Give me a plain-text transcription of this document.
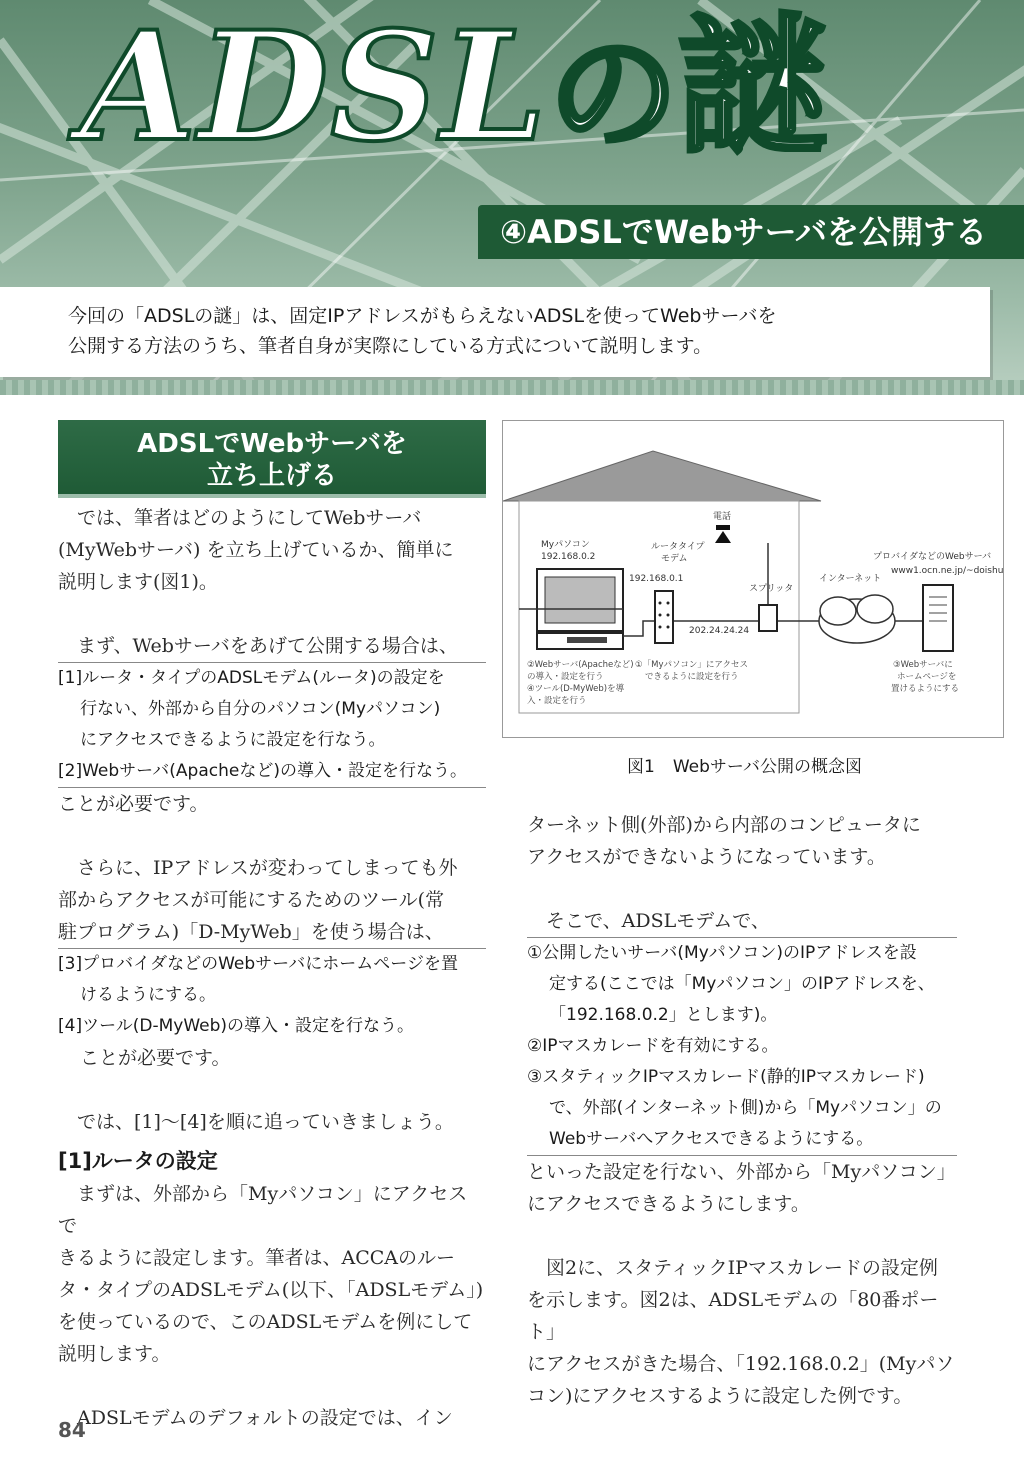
ADSLの謎
④ADSLでWebサーバを公開する

今回の「ADSLの謎」は、固定IPアドレスがもらえないADSLを使ってWebサーバを

公開する方法のうち、筆者自身が実際にしている方式について説明します。

ADSLでWebサーバを
立ち上げる

では、筆者はどのようにしてWebサーバ

(MyWebサーバ) を立ち上げているか、簡単に

説明します(図1)。

まず、Webサーバをあげて公開する場合は、

[1]ルータ・タイプのADSLモデム(ルータ)の設定を

行ない、外部から自分のパソコン(Myパソコン)

にアクセスできるように設定を行なう。

[2]Webサーバ(Apacheなど)の導入・設定を行なう。

ことが必要です。

さらに、IPアドレスが変わってしまっても外

部からアクセスが可能にするためのツール(常

駐プログラム)「D-MyWeb」を使う場合は、

[3]プロバイダなどのWebサーバにホームページを置

けるようにする。

[4]ツール(D-MyWeb)の導入・設定を行なう。

ことが必要です。

では、[1]〜[4]を順に追っていきましょう。

[1]ルータの設定

まずは、外部から「Myパソコン」にアクセスで

きるように設定します。筆者は、ACCAのルー

タ・タイプのADSLモデム(以下、「ADSLモデム」)

を使っているので、このADSLモデムを例にして

説明します。

ADSLモデムのデフォルトの設定では、イン

Myパソコン
192.168.0.2
ルータタイプ
モデム
192.168.0.1
202.24.24.24
スプリッタ
電話
インターネット
プロバイダなどのWebサーバ
www1.ocn.ne.jp/~doishun
②Webサーバ(Apacheなど)
の導入・設定を行う
④ツール(D-MyWeb)を導
入・設定を行う
①「Myパソコン」にアクセス
できるように設定を行う
③Webサーバに
ホームページを
置けるようにする

図1 Webサーバ公開の概念図

ターネット側(外部)から内部のコンピュータに

アクセスができないようになっています。

そこで、ADSLモデムで、

①公開したいサーバ(Myパソコン)のIPアドレスを設

定する(ここでは「Myパソコン」のIPアドレスを、

「192.168.0.2」とします)。

②IPマスカレードを有効にする。

③スタティックIPマスカレード(静的IPマスカレード)

で、外部(インターネット側)から「Myパソコン」の

Webサーバへアクセスできるようにする。

といった設定を行ない、外部から「Myパソコン」

にアクセスできるようにします。

図2に、スタティックIPマスカレードの設定例

を示します。図2は、ADSLモデムの「80番ポート」

にアクセスがきた場合、「192.168.0.2」(Myパソ

コン)にアクセスするように設定した例です。

84
